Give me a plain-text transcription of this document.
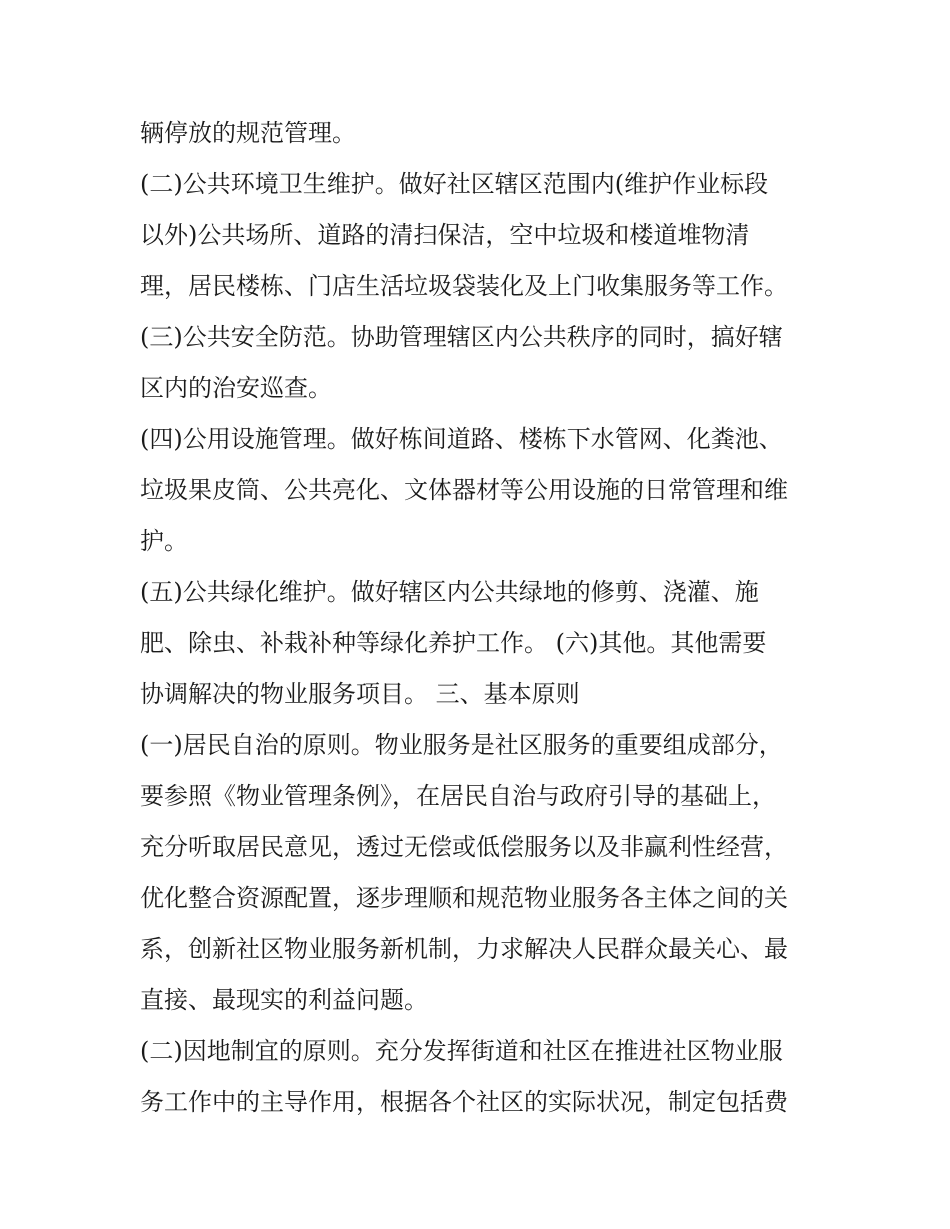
辆停放的规范管理。
(二)公共环境卫生维护。做好社区辖区范围内(维护作业标段
以外)公共场所、道路的清扫保洁，空中垃圾和楼道堆物清
理，居民楼栋、门店生活垃圾袋装化及上门收集服务等工作。
(三)公共安全防范。协助管理辖区内公共秩序的同时，搞好辖
区内的治安巡查。
(四)公用设施管理。做好栋间道路、楼栋下水管网、化粪池、
垃圾果皮筒、公共亮化、文体器材等公用设施的日常管理和维
护。
(五)公共绿化维护。做好辖区内公共绿地的修剪、浇灌、施
肥、除虫、补栽补种等绿化养护工作。 (六)其他。其他需要
协调解决的物业服务项目。 三、基本原则
(一)居民自治的原则。物业服务是社区服务的重要组成部分，
要参照《物业管理条例》，在居民自治与政府引导的基础上，
充分听取居民意见，透过无偿或低偿服务以及非赢利性经营，
优化整合资源配置，逐步理顺和规范物业服务各主体之间的关
系，创新社区物业服务新机制，力求解决人民群众最关心、最
直接、最现实的利益问题。
(二)因地制宜的原则。充分发挥街道和社区在推进社区物业服
务工作中的主导作用，根据各个社区的实际状况，制定包括费
